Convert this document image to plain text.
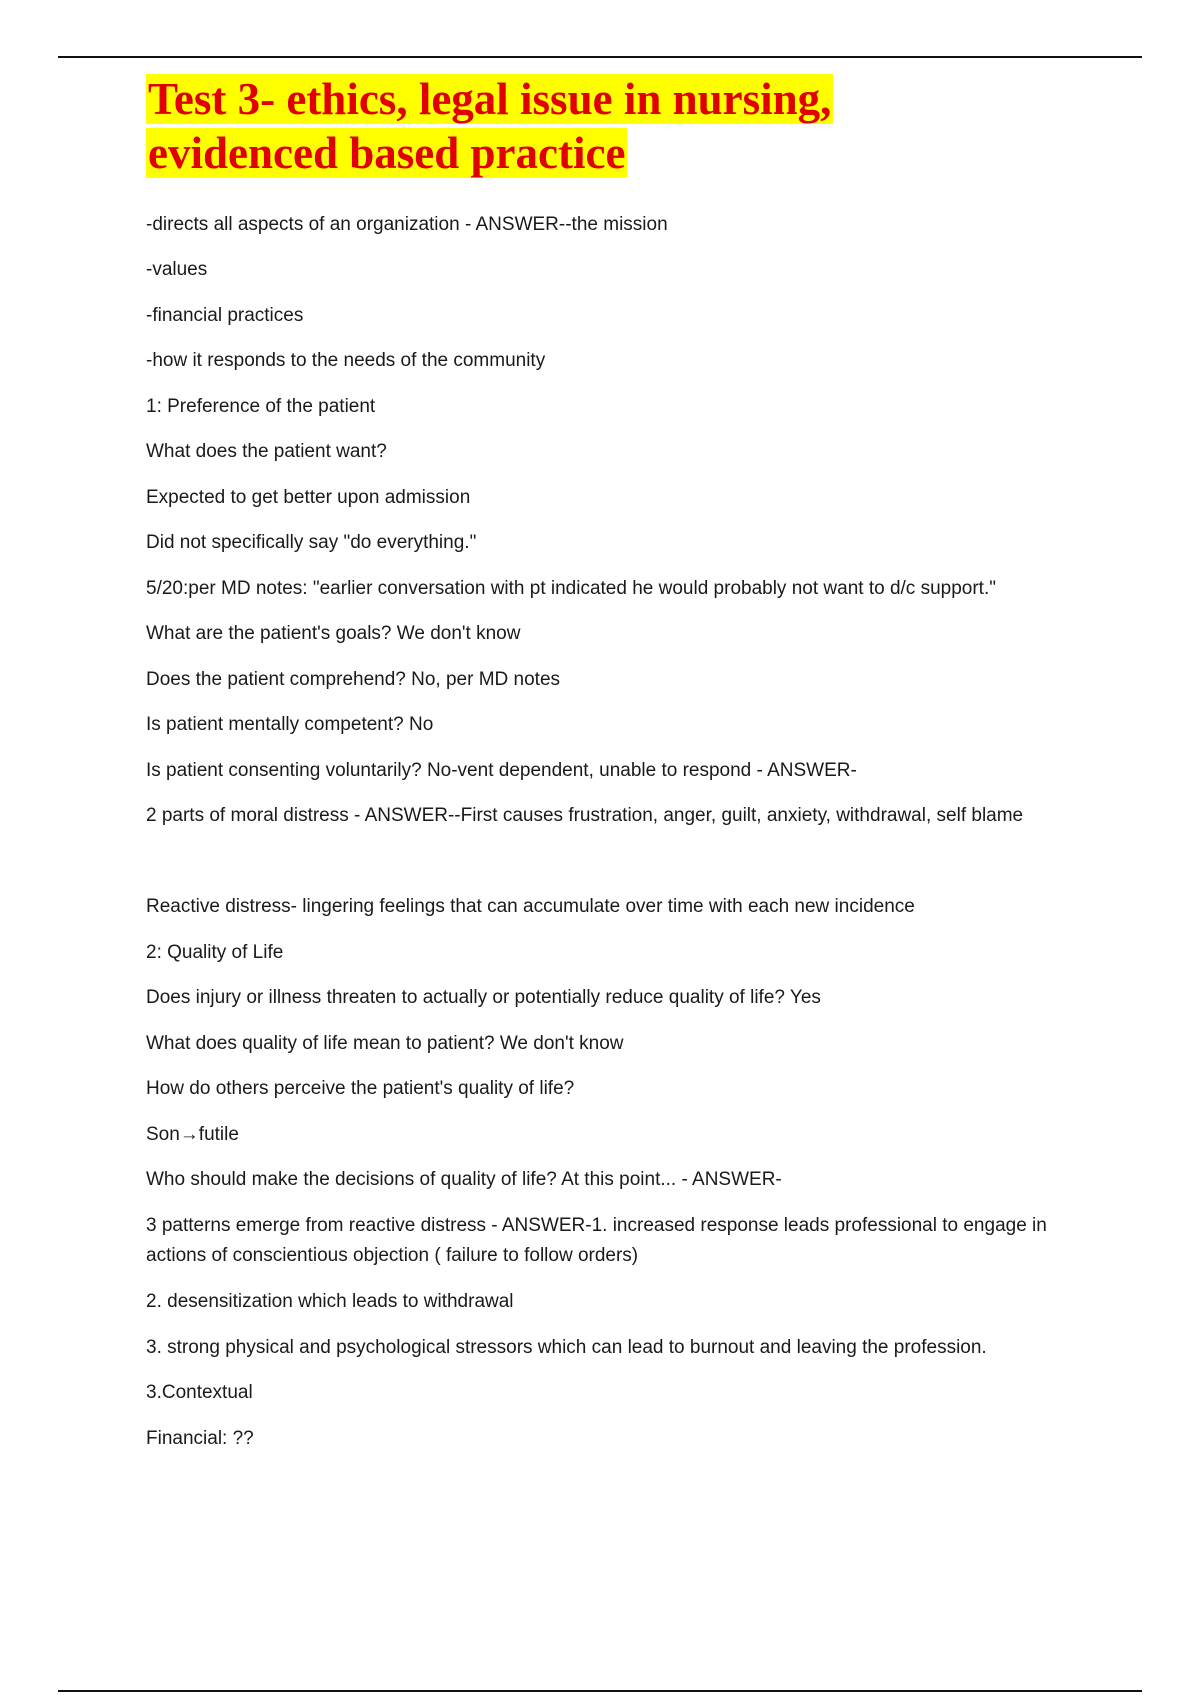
Test 3- ethics, legal issue in nursing,
evidenced based practice

-directs all aspects of an organization - ANSWER--the mission

-values

-financial practices

-how it responds to the needs of the community

1: Preference of the patient

What does the patient want?

Expected to get better upon admission

Did not specifically say "do everything."

5/20:per MD notes: "earlier conversation with pt indicated he would probably not want to d/c support."

What are the patient's goals? We don't know

Does the patient comprehend? No, per MD notes

Is patient mentally competent? No

Is patient consenting voluntarily? No-vent dependent, unable to respond - ANSWER-

2 parts of moral distress - ANSWER--First causes frustration, anger, guilt, anxiety, withdrawal, self blame

Reactive distress- lingering feelings that can accumulate over time with each new incidence

2: Quality of Life

Does injury or illness threaten to actually or potentially reduce quality of life? Yes

What does quality of life mean to patient? We don't know

How do others perceive the patient's quality of life?

Son→futile

Who should make the decisions of quality of life? At this point... - ANSWER-

3 patterns emerge from reactive distress - ANSWER-1. increased response leads professional to engage in actions of conscientious objection ( failure to follow orders)

2. desensitization which leads to withdrawal

3. strong physical and psychological stressors which can lead to burnout and leaving the profession.

3.Contextual

Financial: ??
